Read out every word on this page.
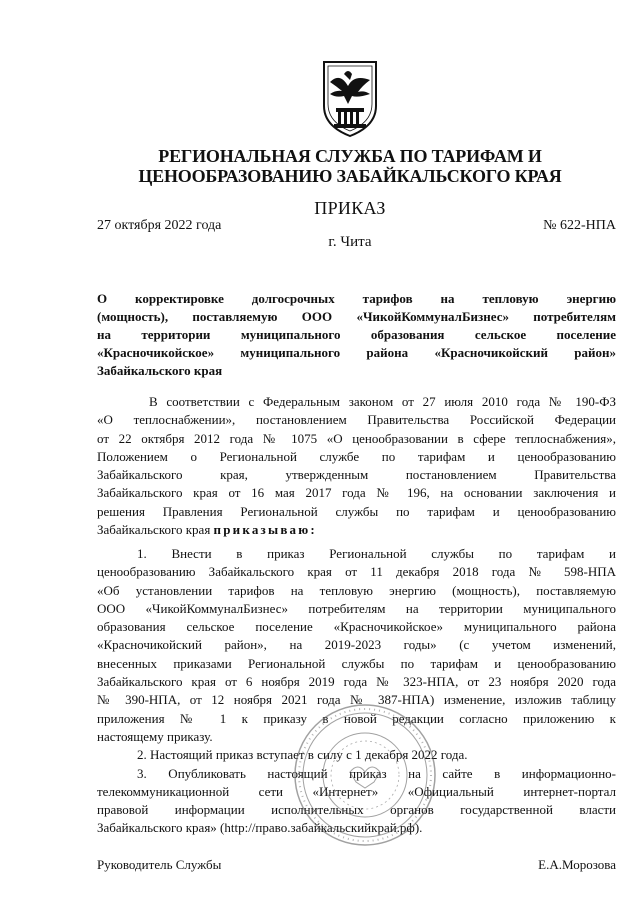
РЕГИОНАЛЬНАЯ СЛУЖБА ПО ТАРИФАМ И
ЦЕНООБРАЗОВАНИЮ ЗАБАЙКАЛЬСКОГО КРАЯ
ПРИКАЗ
27 октября 2022 года	№ 622-НПА
г. Чита
О корректировке долгосрочных тарифов на тепловую энергию
(мощность), поставляемую ООО «ЧикойКоммуналБизнес» потребителям
на территории муниципального образования сельское поселение
«Красночикойское» муниципального района «Красночикойский район»
Забайкальского края
В соответствии с Федеральным законом от 27 июля 2010 года № 190-ФЗ
«О теплоснабжении», постановлением Правительства Российской Федерации
от 22 октября 2012 года № 1075 «О ценообразовании в сфере теплоснабжения»,
Положением о Региональной службе по тарифам и ценообразованию
Забайкальского края, утвержденным постановлением Правительства
Забайкальского края от 16 мая 2017 года № 196, на основании заключения и
решения Правления Региональной службы по тарифам и ценообразованию
Забайкальского края приказываю:
1. Внести в приказ Региональной службы по тарифам и
ценообразованию Забайкальского края от 11 декабря 2018 года № 598-НПА
«Об установлении тарифов на тепловую энергию (мощность), поставляемую
ООО «ЧикойКоммуналБизнес» потребителям на территории муниципального
образования сельское поселение «Красночикойское» муниципального района
«Красночикойский район», на 2019-2023 годы» (с учетом изменений,
внесенных приказами Региональной службы по тарифам и ценообразованию
Забайкальского края от 6 ноября 2019 года № 323-НПА, от 23 ноября 2020 года
№ 390-НПА, от 12 ноября 2021 года № 387-НПА) изменение, изложив таблицу
приложения № 1 к приказу в новой редакции согласно приложению к
настоящему приказу.
2. Настоящий приказ вступает в силу с 1 декабря 2022 года.
3. Опубликовать настоящий приказ на сайте в информационно-
телекоммуникационной сети «Интернет» «Официальный интернет-портал
правовой информации исполнительных органов государственной власти
Забайкальского края» (http://право.забайкальскийкрай.рф).
Руководитель Службы	Е.А.Морозова
